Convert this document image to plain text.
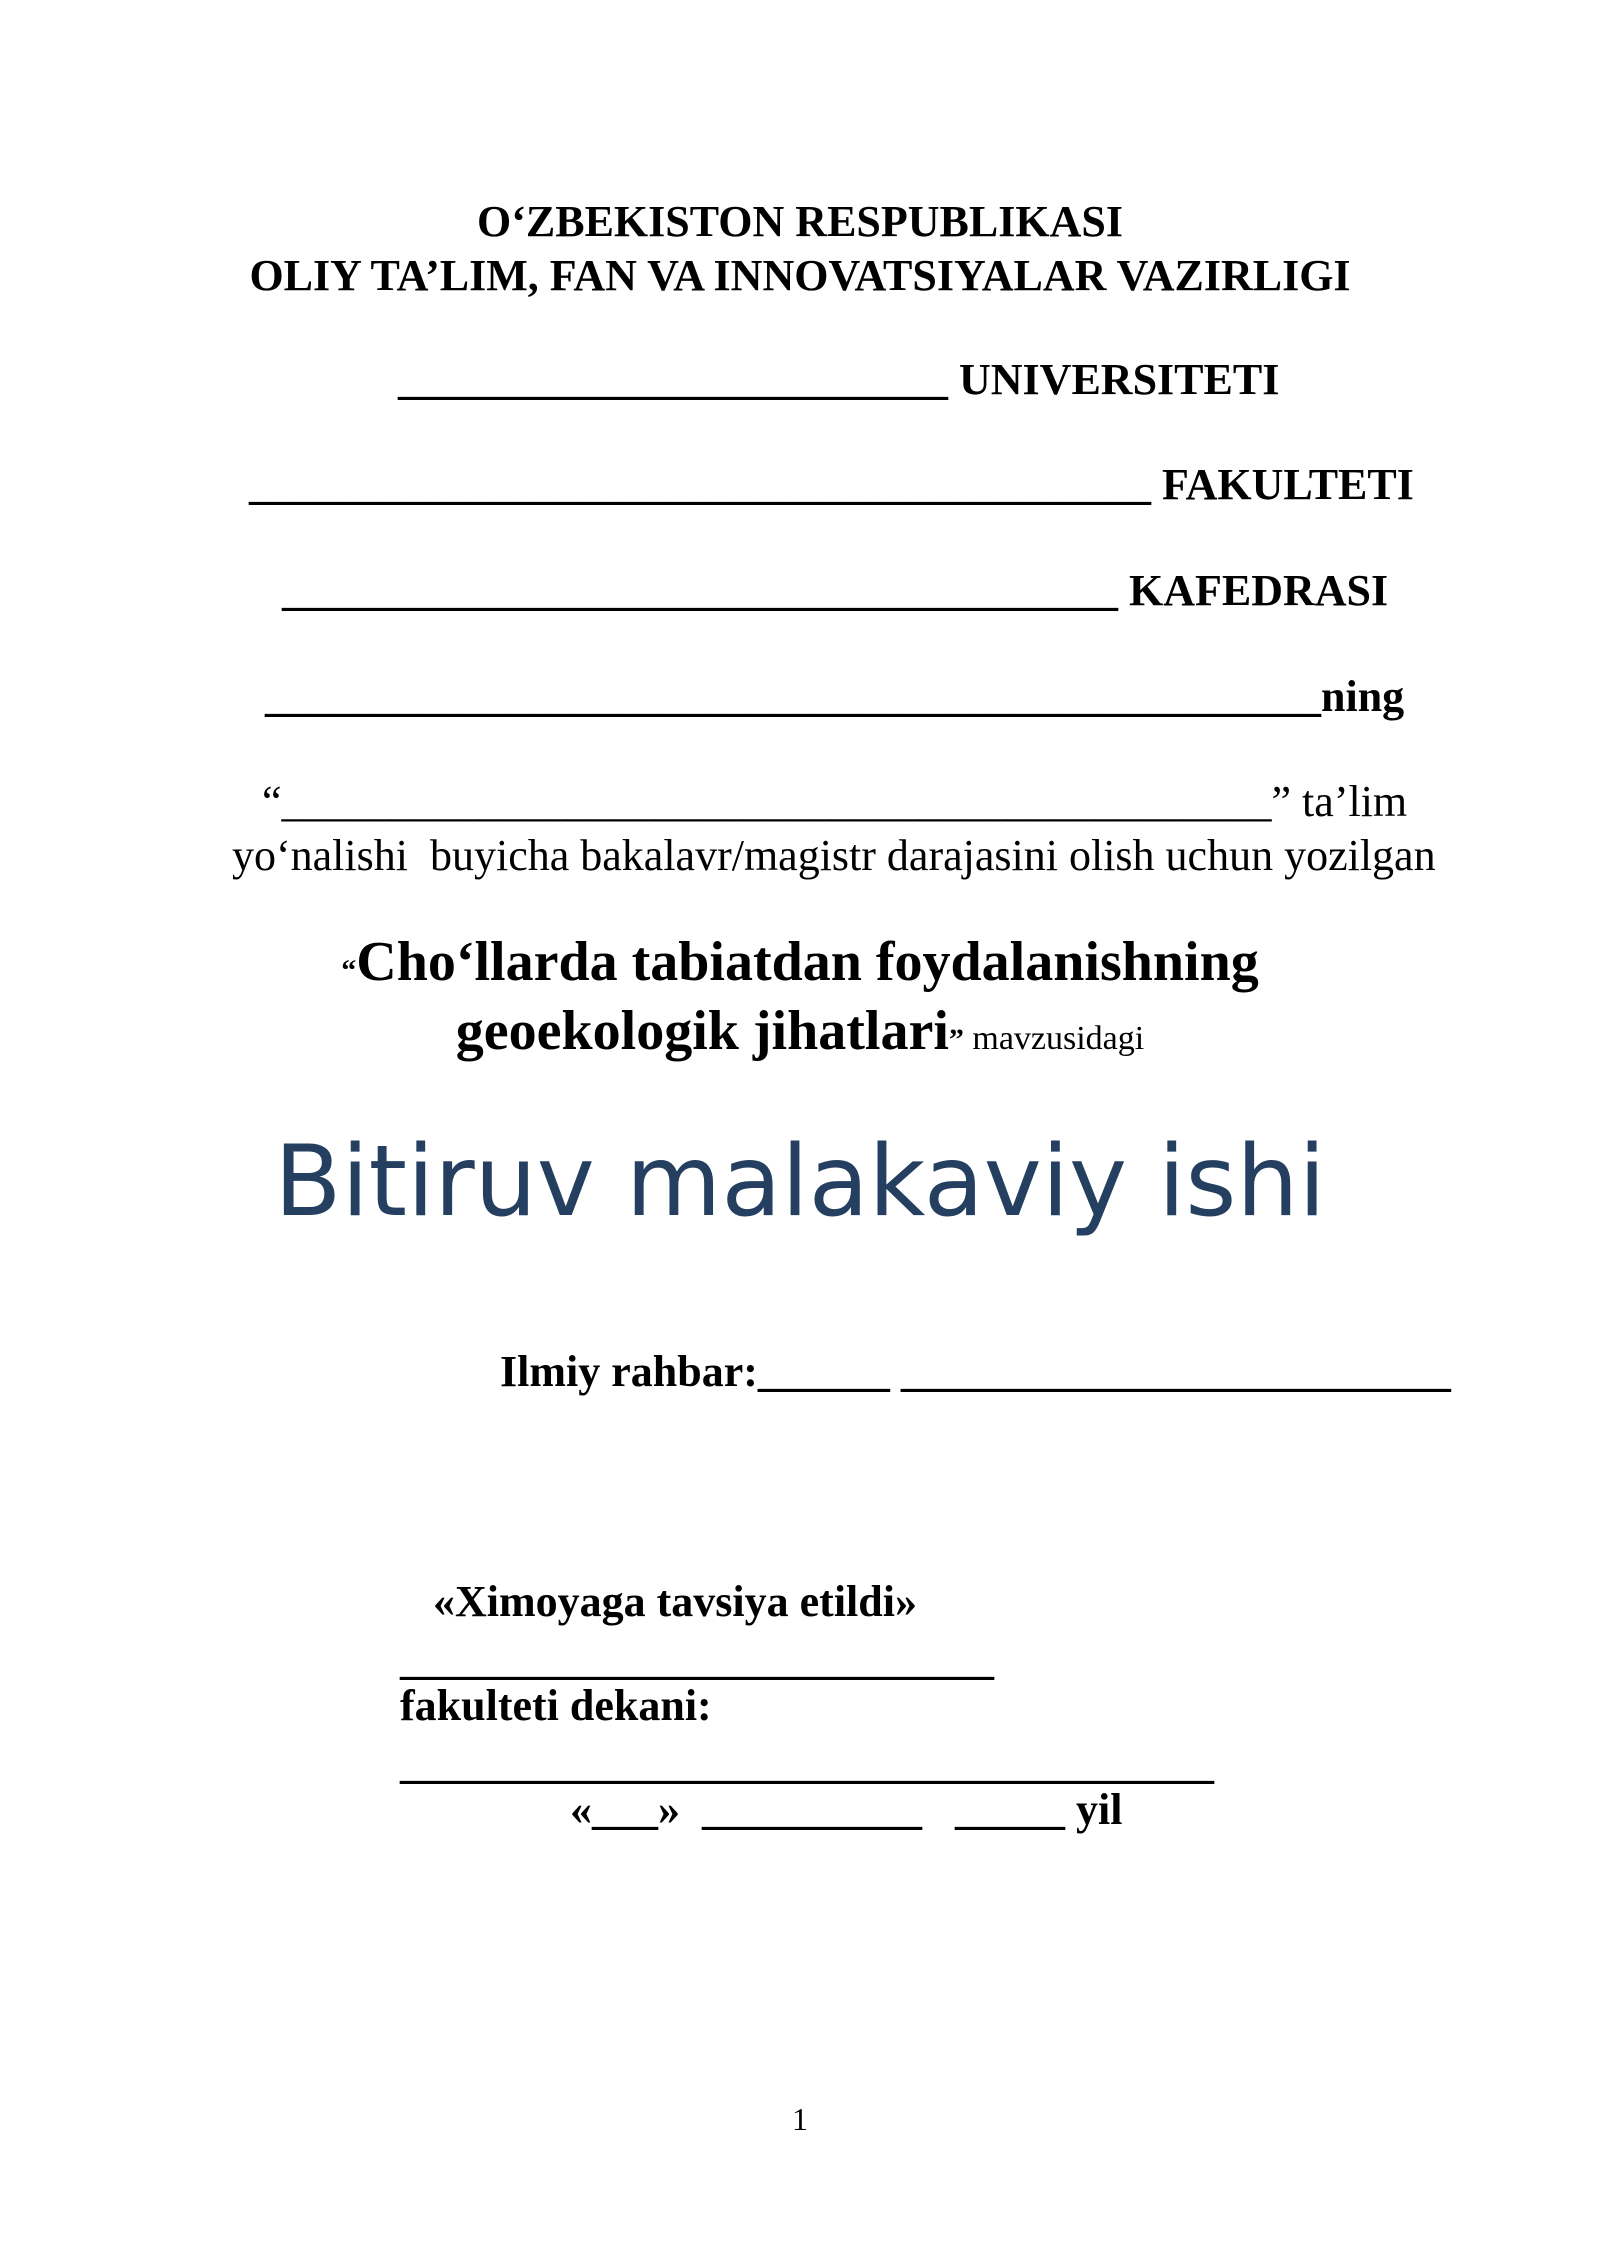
O‘ZBEKISTON RESPUBLIKASI
OLIY TA’LIM, FAN VA INNOVATSIYALAR VAZIRLIGI
_________________________ UNIVERSITETI
_________________________________________ FAKULTETI
______________________________________ KAFEDRASI
________________________________________________ning
“_____________________________________________” ta’lim
yo‘nalishi  buyicha bakalavr/magistr darajasini olish uchun yozilgan
“Cho‘llarda tabiatdan foydalanishning
geoekologik jihatlari” mavzusidagi
Bitiruv malakaviy ishi
Ilmiy rahbar:______ _________________________
«Ximoyaga tavsiya etildi»
___________________________
fakulteti dekani:
_____________________________________
«___»  __________   _____ yil
1
